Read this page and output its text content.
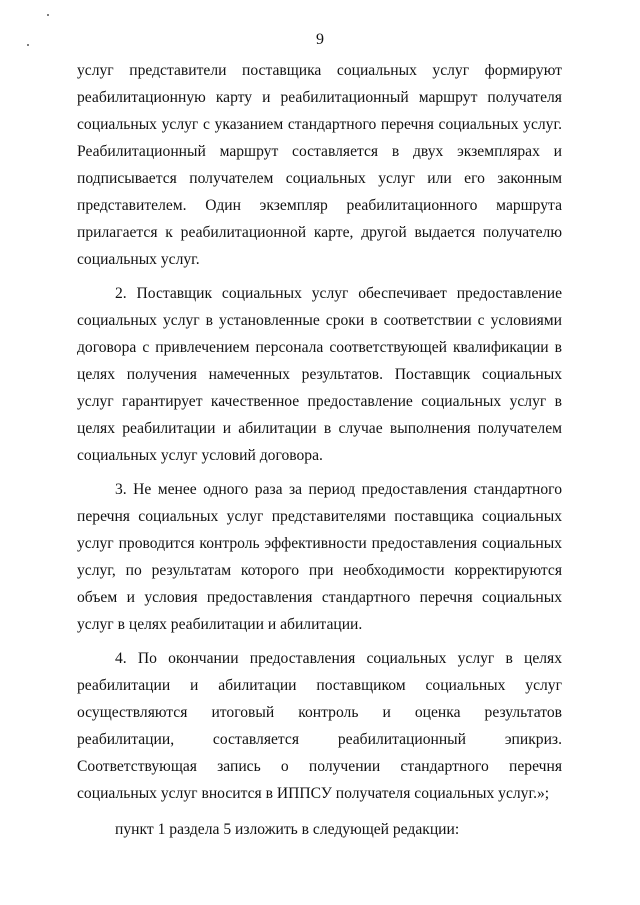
9

услуг представители поставщика социальных услуг формируют реабилитационную карту и реабилитационный маршрут получателя социальных услуг с указанием стандартного перечня социальных услуг. Реабилитационный маршрут составляется в двух экземплярах и подписывается получателем социальных услуг или его законным представителем. Один экземпляр реабилитационного маршрута прилагается к реабилитационной карте, другой выдается получателю социальных услуг.

2. Поставщик социальных услуг обеспечивает предоставление социальных услуг в установленные сроки в соответствии с условиями договора с привлечением персонала соответствующей квалификации в целях получения намеченных результатов. Поставщик социальных услуг гарантирует качественное предоставление социальных услуг в целях реабилитации и абилитации в случае выполнения получателем социальных услуг условий договора.

3. Не менее одного раза за период предоставления стандартного перечня социальных услуг представителями поставщика социальных услуг проводится контроль эффективности предоставления социальных услуг, по результатам которого при необходимости корректируются объем и условия предоставления стандартного перечня социальных услуг в целях реабилитации и абилитации.

4. По окончании предоставления социальных услуг в целях реабилитации и абилитации поставщиком социальных услуг осуществляются итоговый контроль и оценка результатов реабилитации, составляется реабилитационный эпикриз. Соответствующая запись о получении стандартного перечня социальных услуг вносится в ИППСУ получателя социальных услуг.»;

пункт 1 раздела 5 изложить в следующей редакции:
